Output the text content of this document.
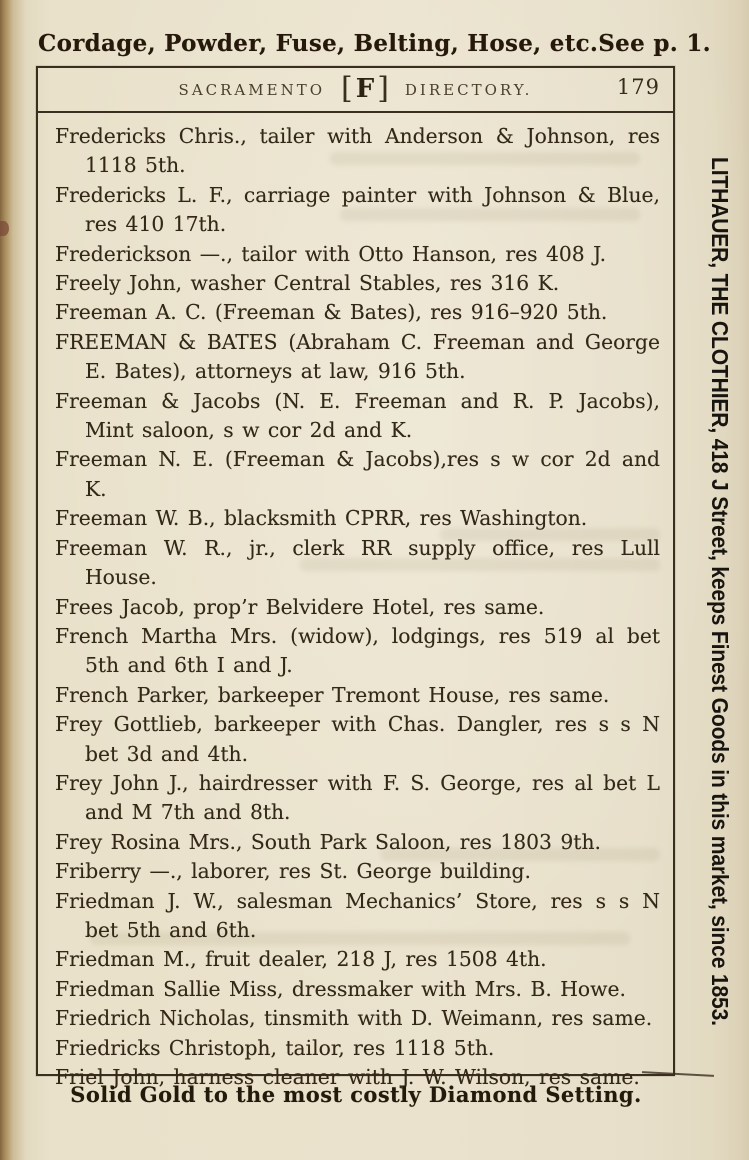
Cordage, Powder, Fuse, Belting, Hose, etc. See p. 1.
SACRAMENTO [ F ] DIRECTORY.	179
Fredericks Chris., tailer with Anderson & Johnson, res 1118 5th.
Fredericks L. F., carriage painter with Johnson & Blue, res 410 17th.
Frederickson —., tailor with Otto Hanson, res 408 J.
Freely John, washer Central Stables, res 316 K.
Freeman A. C. (Freeman & Bates), res 916–920 5th.
FREEMAN & BATES (Abraham C. Freeman and George E. Bates), attorneys at law, 916 5th.
Freeman & Jacobs (N. E. Freeman and R. P. Jacobs), Mint saloon, s w cor 2d and K.
Freeman N. E. (Freeman & Jacobs),res s w cor 2d and K.
Freeman W. B., blacksmith CPRR, res Washington.
Freeman W. R., jr., clerk RR supply office, res Lull House.
Frees Jacob, prop’r Belvidere Hotel, res same.
French Martha Mrs. (widow), lodgings, res 519 al bet 5th and 6th I and J.
French Parker, barkeeper Tremont House, res same.
Frey Gottlieb, barkeeper with Chas. Dangler, res s s N bet 3d and 4th.
Frey John J., hairdresser with F. S. George, res al bet L and M 7th and 8th.
Frey Rosina Mrs., South Park Saloon, res 1803 9th.
Friberry —., laborer, res St. George building.
Friedman J. W., salesman Mechanics’ Store, res s s N bet 5th and 6th.
Friedman M., fruit dealer, 218 J, res 1508 4th.
Friedman Sallie Miss, dressmaker with Mrs. B. Howe.
Friedrich Nicholas, tinsmith with D. Weimann, res same.
Friedricks Christoph, tailor, res 1118 5th.
Friel John, harness cleaner with J. W. Wilson, res same.
LITHAUER, THE CLOTHIER, 418 J Street, keeps Finest Goods in this market, since 1853.
Solid Gold to the most costly Diamond Setting.
